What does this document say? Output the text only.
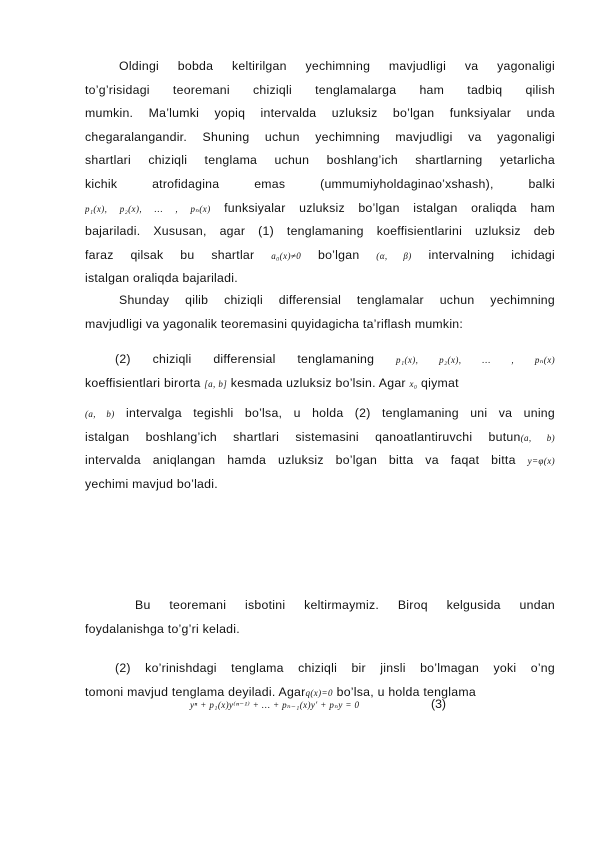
Oldingi bobda keltirilgan yechimning mavjudligi va yagonaligi
to’g’risidagi teoremani chiziqli tenglamalarga ham tadbiq qilish
mumkin. Ma’lumki yopiq intervalda uzluksiz bo’lgan funksiyalar unda
chegaralangandir. Shuning uchun yechimning mavjudligi va yagonaligi
shartlari chiziqli tenglama uchun boshlang’ich shartlarning yetarlicha
kichik atrofidagina emas (ummumiyholdaginao’xshash), balki
p₁(x), p₂(x), … , pₙ(x) funksiyalar uzluksiz bo’lgan istalgan oraliqda ham
bajariladi. Xususan, agar (1) tenglamaning koeffisientlarini uzluksiz deb
faraz qilsak bu shartlar a₀(x)≠0 bo’lgan (α, β) intervalning ichidagi
istalgan oraliqda bajariladi.
Shunday qilib chiziqli differensial tenglamalar uchun yechimning
mavjudligi va yagonalik teoremasini quyidagicha ta’riflash mumkin:
(2) chiziqli differensial tenglamaning p₁(x), p₂(x), … , pₙ(x)
koeffisientlari birorta [a, b] kesmada uzluksiz bo’lsin. Agar x₀ qiymat
(a, b) intervalga tegishli bo’lsa, u holda (2) tenglamaning uni va uning
istalgan boshlang’ich shartlari sistemasini qanoatlantiruvchi butun(a, b)
intervalda aniqlangan hamda uzluksiz bo’lgan bitta va faqat bitta y=φ(x)
yechimi mavjud bo’ladi.
Bu teoremani isbotini keltirmaymiz. Biroq kelgusida undan
foydalanishga to’g’ri keladi.
(2) ko’rinishdagi tenglama chiziqli bir jinsli bo’lmagan yoki o’ng
tomoni mavjud tenglama deyiladi. Agarq(x)=0 bo’lsa, u holda tenglama
yⁿ + p₁(x)y⁽ⁿ⁻¹⁾ + … + pₙ₋₁(x)y′ + pₙy = 0	(3)
